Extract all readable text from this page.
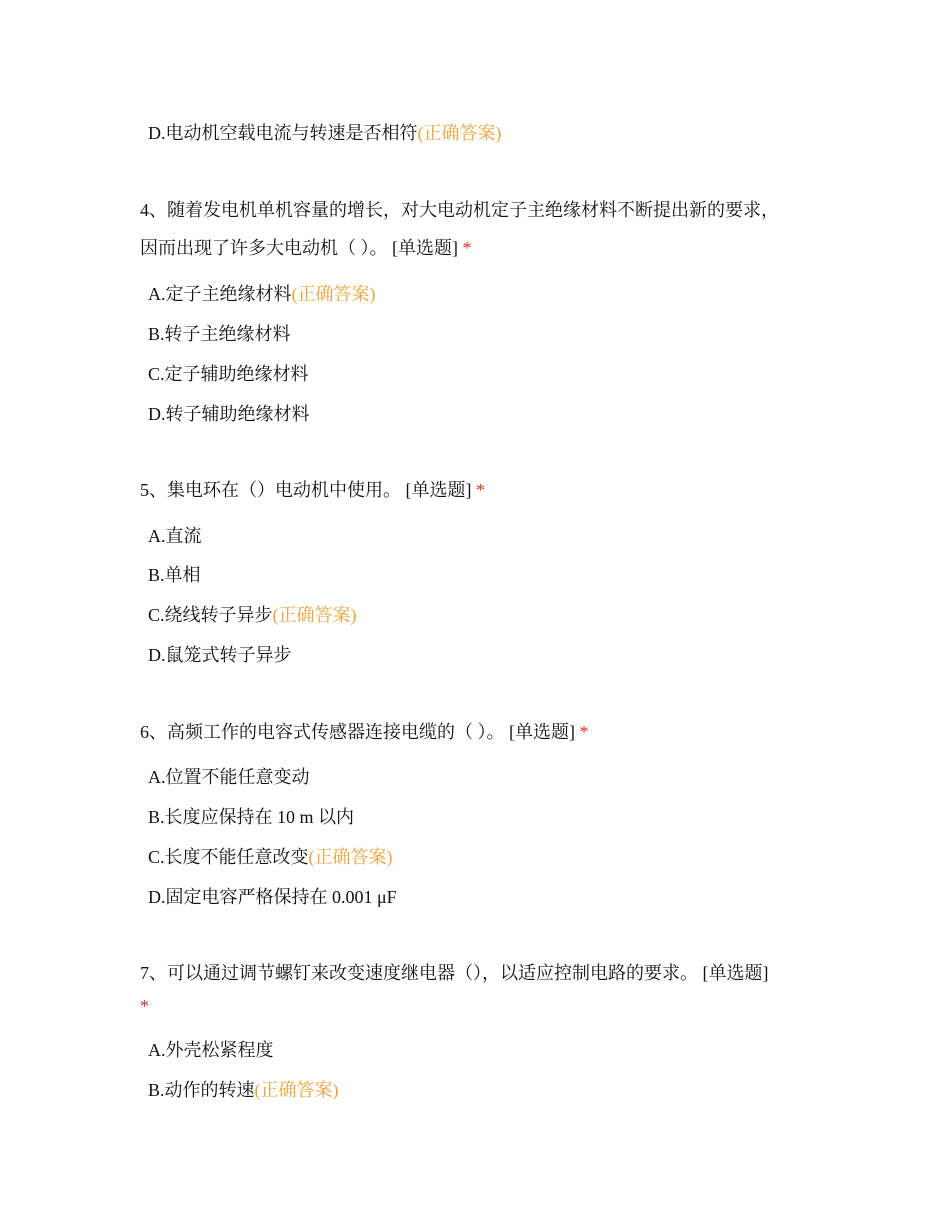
D.电动机空载电流与转速是否相符(正确答案)
4、随着发电机单机容量的增长，对大电动机定子主绝缘材料不断提出新的要求，
因而出现了许多大电动机（ ）。 [单选题] *
A.定子主绝缘材料(正确答案)
B.转子主绝缘材料
C.定子辅助绝缘材料
D.转子辅助绝缘材料
5、集电环在（）电动机中使用。 [单选题] *
A.直流
B.单相
C.绕线转子异步(正确答案)
D.鼠笼式转子异步
6、高频工作的电容式传感器连接电缆的（ ）。 [单选题] *
A.位置不能任意变动
B.长度应保持在 10 m 以内
C.长度不能任意改变(正确答案)
D.固定电容严格保持在 0.001 μF
7、可以通过调节螺钉来改变速度继电器（），以适应控制电路的要求。 [单选题]
*
A.外壳松紧程度
B.动作的转速(正确答案)
